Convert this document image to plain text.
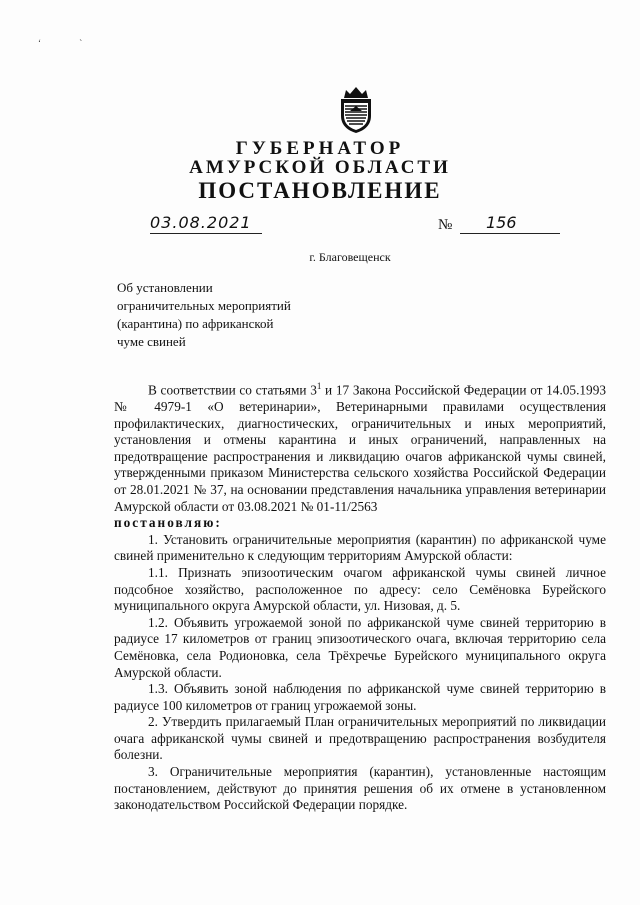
‘                 ˋ
ГУБЕРНАТОР
АМУРСКОЙ ОБЛАСТИ
ПОСТАНОВЛЕНИЕ
03.08.2021	№	156
г. Благовещенск
Об установлении
ограничительных мероприятий
(карантина) по африканской
чуме свиней

В соответствии со статьями $3^1$ и 17 Закона Российской Федерации от 14.05.1993 № 4979-1 «О ветеринарии», Ветеринарными правилами осуществления профилактических, диагностических, ограничительных и иных мероприятий, установления и отмены карантина и иных ограничений, направленных на предотвращение распространения и ликвидацию очагов африканской чумы свиней, утвержденными приказом Министерства сельского хозяйства Российской Федерации от 28.01.2021 № 37, на основании представления начальника управления ветеринарии Амурской области от 03.08.2021 № 01-11/2563

постановляю:

1. Установить ограничительные мероприятия (карантин) по африканской чуме свиней применительно к следующим территориям Амурской области:

1.1. Признать эпизоотическим очагом африканской чумы свиней личное подсобное хозяйство, расположенное по адресу: село Семёновка Бурейского муниципального округа Амурской области, ул. Низовая, д. 5.

1.2. Объявить угрожаемой зоной по африканской чуме свиней территорию в радиусе 17 километров от границ эпизоотического очага, включая территорию села Семёновка, села Родионовка, села Трёхречье Бурейского муниципального округа Амурской области.

1.3. Объявить зоной наблюдения по африканской чуме свиней территорию в радиусе 100 километров от границ угрожаемой зоны.

2. Утвердить прилагаемый План ограничительных мероприятий по ликвидации очага африканской чумы свиней и предотвращению распространения возбудителя болезни.

3. Ограничительные мероприятия (карантин), установленные настоящим постановлением, действуют до принятия решения об их отмене в установленном законодательством Российской Федерации порядке.
